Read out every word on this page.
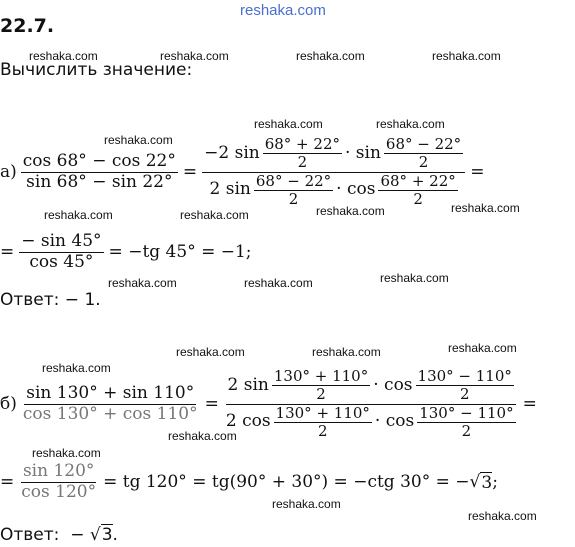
reshaka.com
reshaka.com	reshaka.com	reshaka.com	reshaka.com
reshaka.com
reshaka.com	reshaka.com
reshaka.com	reshaka.com	reshaka.com	reshaka.com
reshaka.com	reshaka.com	reshaka.com
reshaka.com	reshaka.com	reshaka.com
reshaka.com
reshaka.com
reshaka.com
reshaka.com
reshaka.com
22.7.
Вычислить значение:
$а) \frac{\cos 68^\circ - \cos 22^\circ}{\sin 68^\circ - \sin 22^\circ}$ =
−2 $\sin \frac{68^\circ + 22^\circ}{2} \cdot \sin \frac{68^\circ - 22^\circ}{2}$
2 $\sin \frac{68^\circ - 22^\circ}{2} \cdot \cos \frac{68^\circ + 22^\circ}{2}$
=
= $\frac{- \sin 45^\circ}{\cos 45^\circ} = -tg$ 45° = −1;
Ответ: − 1.
$б) \frac{\sin 130^\circ + \sin 110^\circ}{\cos 130^\circ + \cos 110^\circ}$ =
2 $\sin \frac{130^\circ + 110^\circ}{2} \cdot \cos \frac{130^\circ - 110^\circ}{2}$
2 $\cos \frac{130^\circ + 110^\circ}{2} \cdot \cos \frac{130^\circ - 110^\circ}{2}$
=
= $\frac{\sin 120^\circ}{\cos 120^\circ}$ = tg 120° = tg(90° + 30°) = −ctg 30° = − √ 3 ;
Ответ:  − √ 3 .
